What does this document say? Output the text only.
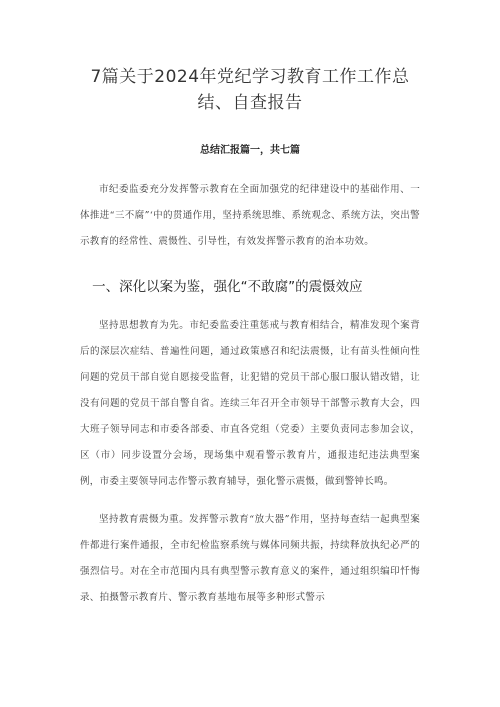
7篇关于2024年党纪学习教育工作工作总
结、自查报告

总结汇报篇一，共七篇

市纪委监委充分发挥警示教育在全面加强党的纪律建设中的基础作用、一体推进“三不腐”‘中的贯通作用，坚持系统思维、系统观念、系统方法，突出警示教育的经常性、震慑性、引导性，有效发挥警示教育的治本功效。

一、深化以案为鉴，强化“不敢腐”的震慑效应

坚持思想教育为先。市纪委监委注重惩戒与教育相结合，精准发现个案背后的深层次症结、普遍性问题，通过政策感召和纪法震慑，让有苗头性倾向性问题的党员干部自觉自愿接受监督，让犯错的党员干部心服口服认错改错，让没有问题的党员干部自警自省。连续三年召开全市领导干部警示教育大会，四大班子领导同志和市委各部委、市直各党组（党委）主要负责同志参加会议，区（市）同步设置分会场，现场集中观看警示教育片，通报违纪违法典型案例，市委主要领导同志作警示教育辅导，强化警示震慑，做到警钟长鸣。

坚持教育震慑为重。发挥警示教育“放大器”作用，坚持每查结一起典型案件都进行案件通报，全市纪检监察系统与媒体同频共振，持续释放执纪必严的强烈信号。对在全市范围内具有典型警示教育意义的案件，通过组织编印忏悔录、拍摄警示教育片、警示教育基地布展等多种形式警示
